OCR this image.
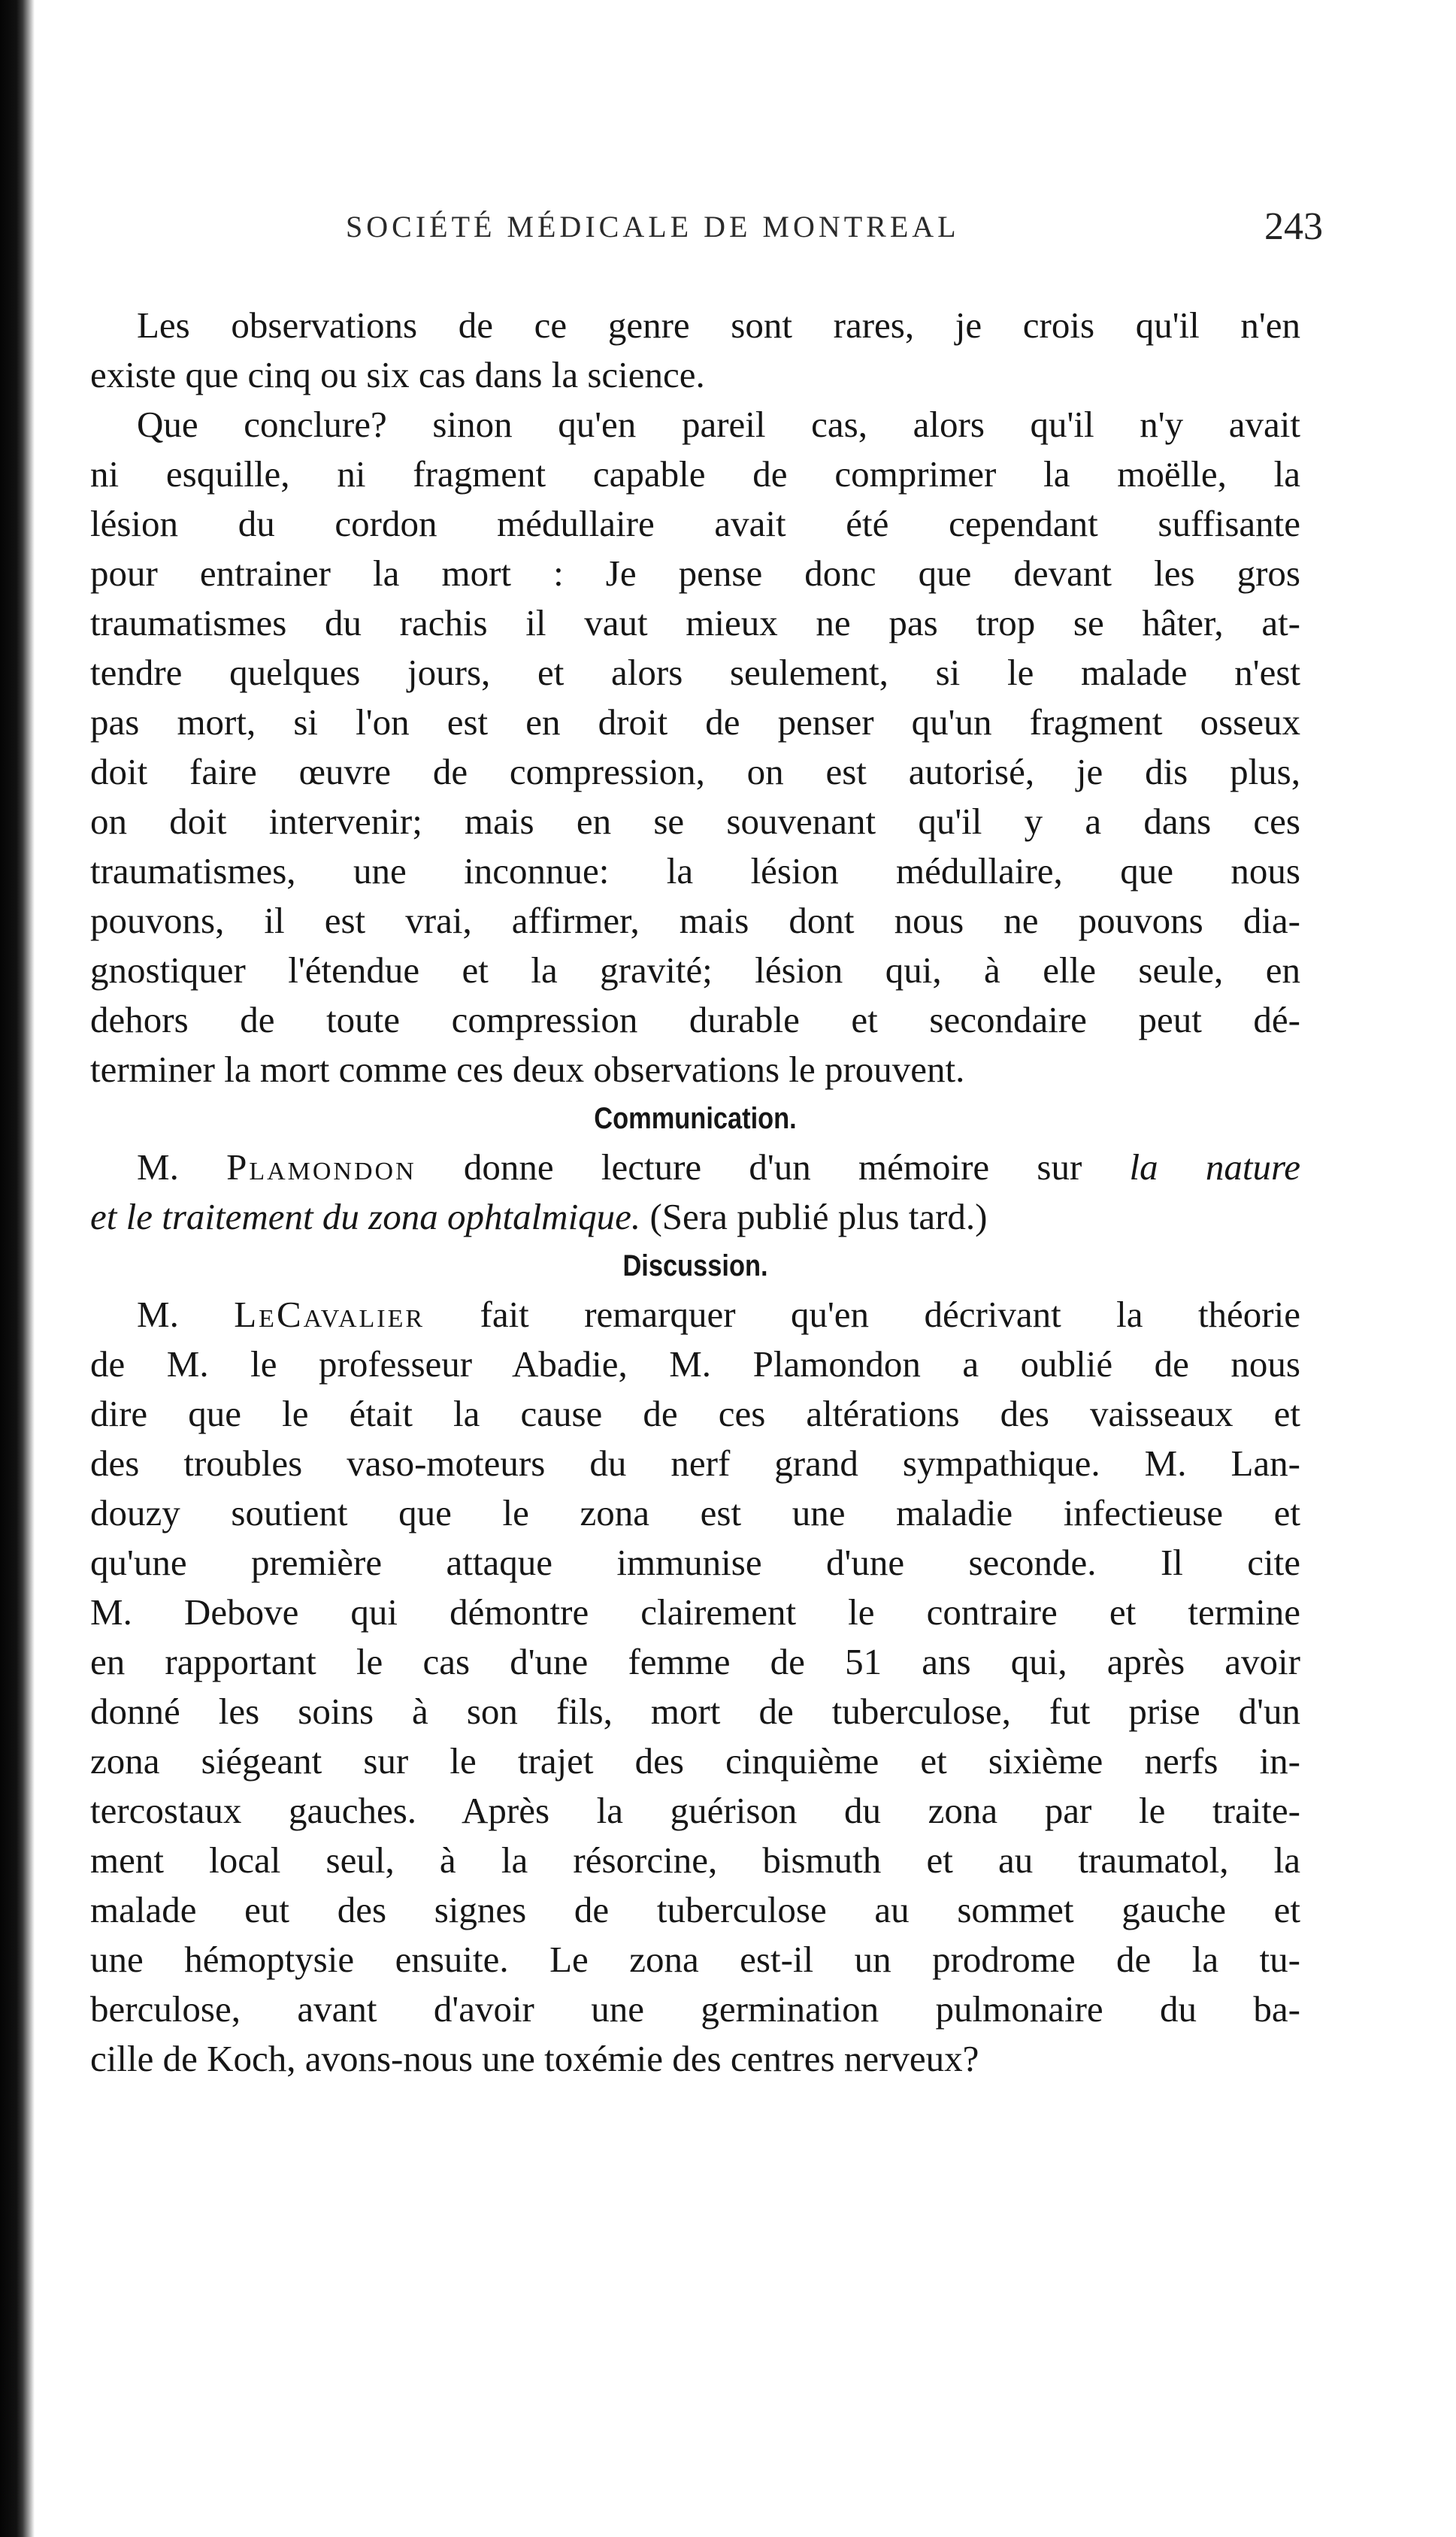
SOCIÉTÉ MÉDICALE DE MONTREAL	243
Les observations de ce genre sont rares, je crois qu'il n'en
existe que cinq ou six cas dans la science.
Que conclure? sinon qu'en pareil cas, alors qu'il n'y avait
ni esquille, ni fragment capable de comprimer la moëlle, la
lésion du cordon médullaire avait été cependant suffisante
pour entrainer la mort : Je pense donc que devant les gros
traumatismes du rachis il vaut mieux ne pas trop se hâter, at-
tendre quelques jours, et alors seulement, si le malade n'est
pas mort, si l'on est en droit de penser qu'un fragment osseux
doit faire œuvre de compression, on est autorisé, je dis plus,
on doit intervenir; mais en se souvenant qu'il y a dans ces
traumatismes, une inconnue: la lésion médullaire, que nous
pouvons, il est vrai, affirmer, mais dont nous ne pouvons dia-
gnostiquer l'étendue et la gravité; lésion qui, à elle seule, en
dehors de toute compression durable et secondaire peut dé-
terminer la mort comme ces deux observations le prouvent.
Communication.
M. Plamondon donne lecture d'un mémoire sur la nature
et le traitement du zona ophtalmique. (Sera publié plus tard.)
Discussion.
M. LeCavalier fait remarquer qu'en décrivant la théorie
de M. le professeur Abadie, M. Plamondon a oublié de nous
dire que le était la cause de ces altérations des vaisseaux et
des troubles vaso-moteurs du nerf grand sympathique. M. Lan-
douzy soutient que le zona est une maladie infectieuse et
qu'une première attaque immunise d'une seconde. Il cite
M. Debove qui démontre clairement le contraire et termine
en rapportant le cas d'une femme de 51 ans qui, après avoir
donné les soins à son fils, mort de tuberculose, fut prise d'un
zona siégeant sur le trajet des cinquième et sixième nerfs in-
tercostaux gauches. Après la guérison du zona par le traite-
ment local seul, à la résorcine, bismuth et au traumatol, la
malade eut des signes de tuberculose au sommet gauche et
une hémoptysie ensuite. Le zona est-il un prodrome de la tu-
berculose, avant d'avoir une germination pulmonaire du ba-
cille de Koch, avons-nous une toxémie des centres nerveux?
